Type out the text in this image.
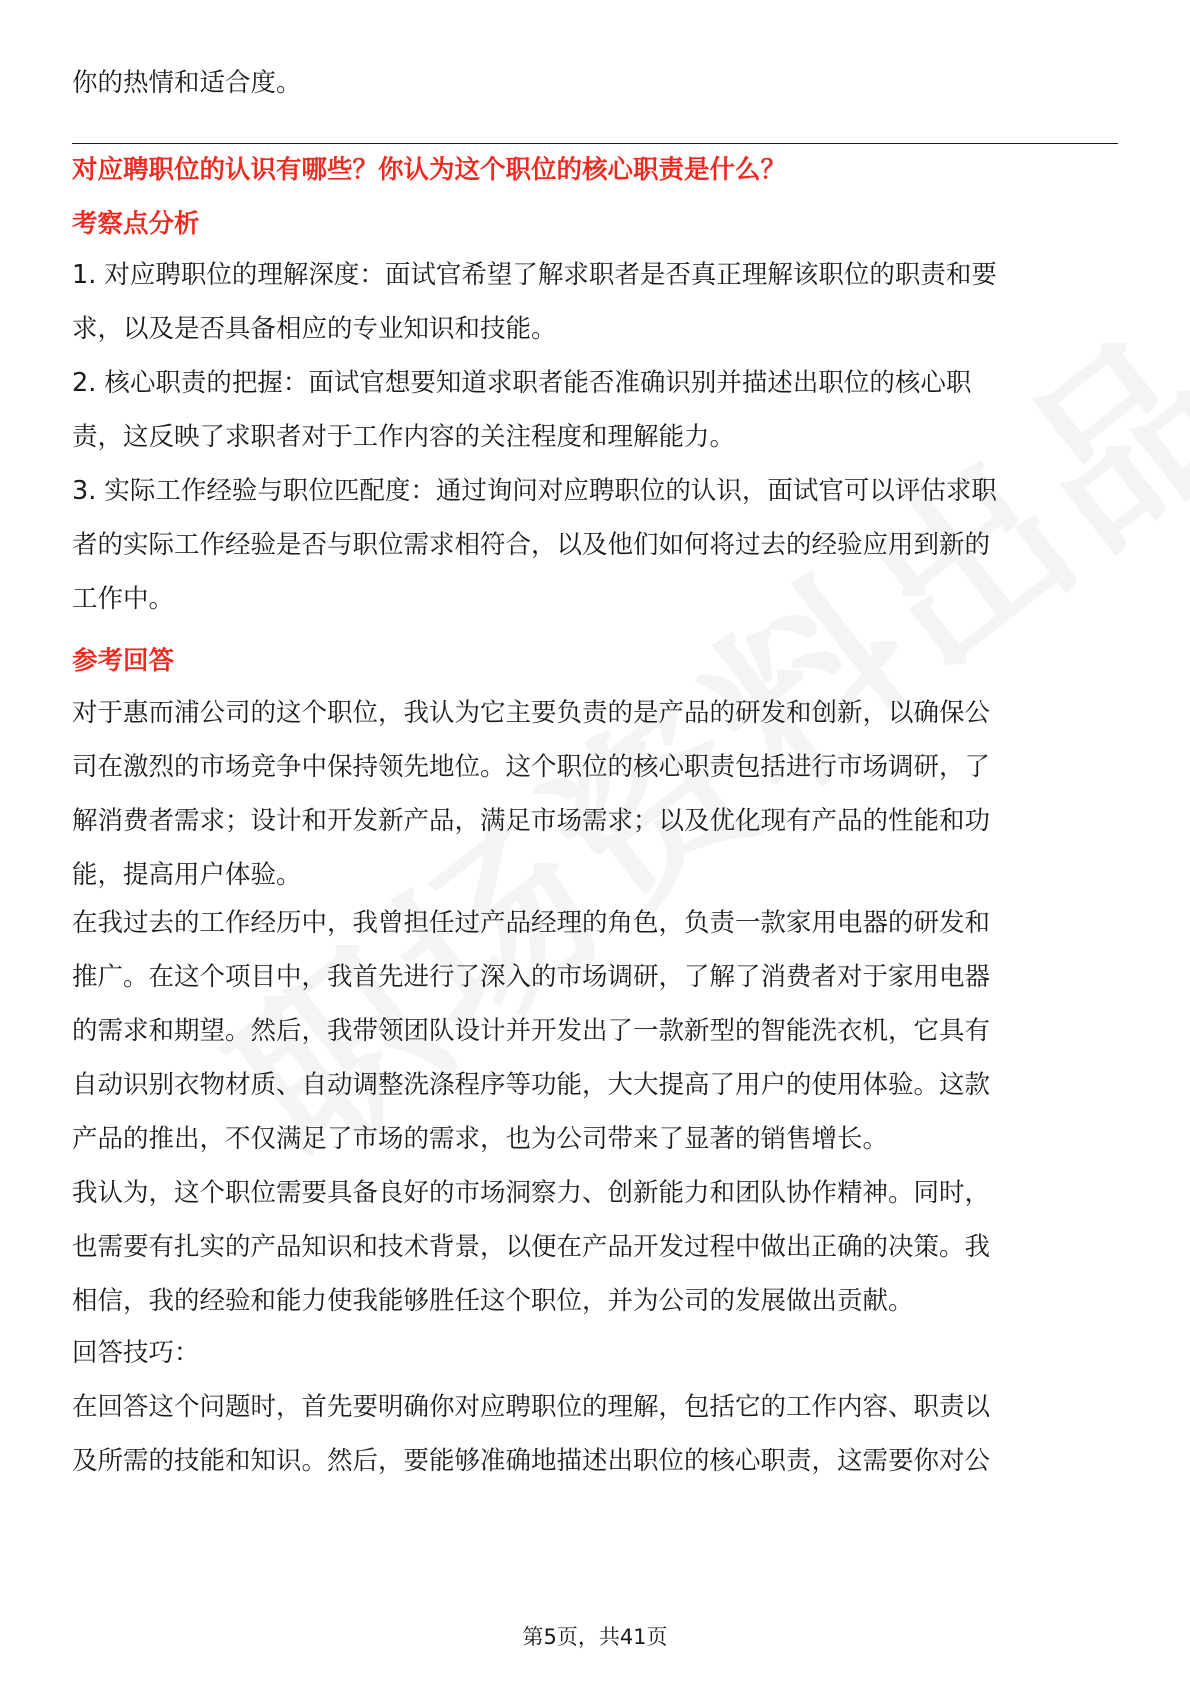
你的热情和适合度。
对应聘职位的认识有哪些？你认为这个职位的核心职责是什么？
考察点分析
1. 对应聘职位的理解深度：面试官希望了解求职者是否真正理解该职位的职责和要
求，以及是否具备相应的专业知识和技能。
2. 核心职责的把握：面试官想要知道求职者能否准确识别并描述出职位的核心职
责，这反映了求职者对于工作内容的关注程度和理解能力。
3. 实际工作经验与职位匹配度：通过询问对应聘职位的认识，面试官可以评估求职
者的实际工作经验是否与职位需求相符合，以及他们如何将过去的经验应用到新的
工作中。
参考回答
对于惠而浦公司的这个职位，我认为它主要负责的是产品的研发和创新，以确保公
司在激烈的市场竞争中保持领先地位。这个职位的核心职责包括进行市场调研，了
解消费者需求；设计和开发新产品，满足市场需求；以及优化现有产品的性能和功
能，提高用户体验。
在我过去的工作经历中，我曾担任过产品经理的角色，负责一款家用电器的研发和
推广。在这个项目中，我首先进行了深入的市场调研，了解了消费者对于家用电器
的需求和期望。然后，我带领团队设计并开发出了一款新型的智能洗衣机，它具有
自动识别衣物材质、自动调整洗涤程序等功能，大大提高了用户的使用体验。这款
产品的推出，不仅满足了市场的需求，也为公司带来了显著的销售增长。
我认为，这个职位需要具备良好的市场洞察力、创新能力和团队协作精神。同时，
也需要有扎实的产品知识和技术背景，以便在产品开发过程中做出正确的决策。我
相信，我的经验和能力使我能够胜任这个职位，并为公司的发展做出贡献。
回答技巧：
在回答这个问题时，首先要明确你对应聘职位的理解，包括它的工作内容、职责以
及所需的技能和知识。然后，要能够准确地描述出职位的核心职责，这需要你对公
第5页，共41页
